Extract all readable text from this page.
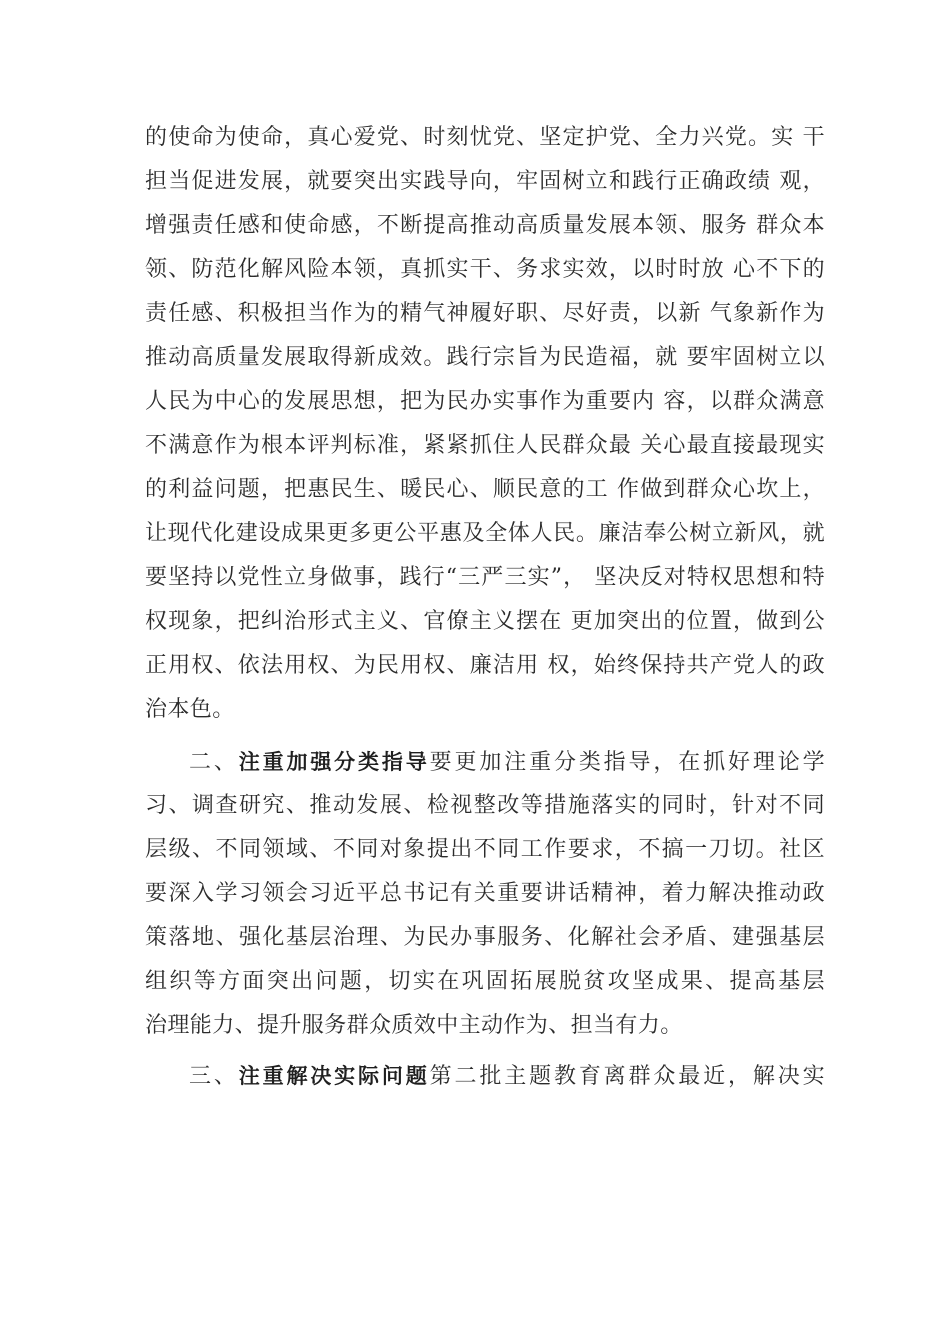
的使命为使命，真心爱党、时刻忧党、坚定护党、全力兴党。实 干
担当促进发展，就要突出实践导向，牢固树立和践行正确政绩 观，
增强责任感和使命感，不断提高推动高质量发展本领、服务 群众本
领、防范化解风险本领，真抓实干、务求实效，以时时放 心不下的
责任感、积极担当作为的精气神履好职、尽好责，以新 气象新作为
推动高质量发展取得新成效。践行宗旨为民造福，就 要牢固树立以
人民为中心的发展思想，把为民办实事作为重要内 容，以群众满意
不满意作为根本评判标准，紧紧抓住人民群众最 关心最直接最现实
的利益问题，把惠民生、暖民心、顺民意的工 作做到群众心坎上，
让现代化建设成果更多更公平惠及全体人民。廉洁奉公树立新风，就
要坚持以党性立身做事，践行“三严三实”， 坚决反对特权思想和特
权现象，把纠治形式主义、官僚主义摆在 更加突出的位置，做到公
正用权、依法用权、为民用权、廉洁用 权，始终保持共产党人的政
治本色。
二、注重加强分类指导要更加注重分类指导，在抓好理论学
习、调查研究、推动发展、检视整改等措施落实的同时，针对不同
层级、不同领域、不同对象提出不同工作要求，不搞一刀切。社区
要深入学习领会习近平总书记有关重要讲话精神，着力解决推动政
策落地、强化基层治理、为民办事服务、化解社会矛盾、建强基层
组织等方面突出问题，切实在巩固拓展脱贫攻坚成果、提高基层
治理能力、提升服务群众质效中主动作为、担当有力。
三、注重解决实际问题第二批主题教育离群众最近，解决实
